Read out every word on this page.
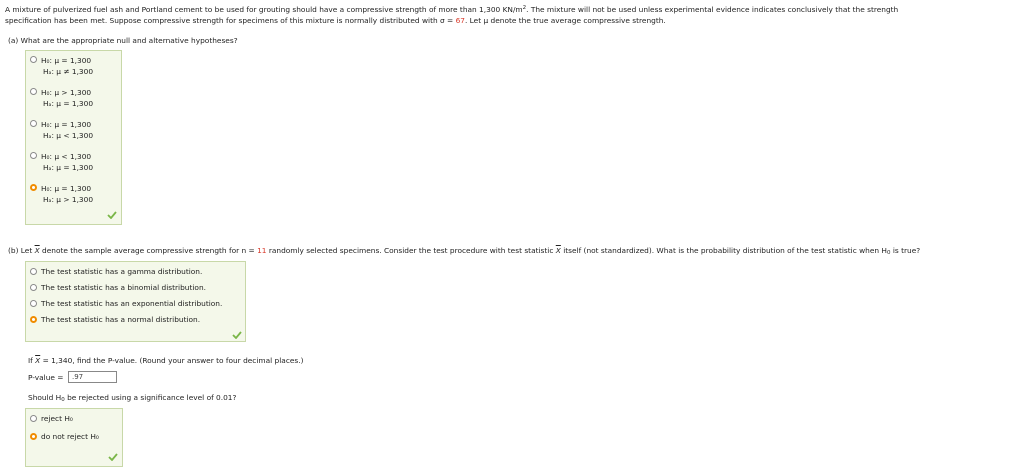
A mixture of pulverized fuel ash and Portland cement to be used for grouting should have a compressive strength of more than 1,300 $KN/m^2$. The mixture will not be used unless experimental evidence indicates conclusively that the strength
specification has been met. Suppose compressive strength for specimens of this mixture is normally distributed with σ = 67. Let μ denote the true average compressive strength.
(a) What are the appropriate null and alternative hypotheses?
H₀: μ = 1,300
Hₐ: μ ≠ 1,300
H₀: μ > 1,300
Hₐ: μ = 1,300
H₀: μ = 1,300
Hₐ: μ < 1,300
H₀: μ < 1,300
Hₐ: μ = 1,300
H₀: μ = 1,300
Hₐ: μ > 1,300
(b) Let $\overline{X}$ denote the sample average compressive strength for n = 11 randomly selected specimens. Consider the test procedure with test statistic $\overline{X}$ itself (not standardized). What is the probability distribution of the test statistic when $H_0$ is true?
The test statistic has a gamma distribution.
The test statistic has a binomial distribution.
The test statistic has an exponential distribution.
The test statistic has a normal distribution.
If $\overline{X} = 1,340$, find the P-value. (Round your answer to four decimal places.)
P-value =	.97
Should $H_0$ be rejected using a significance level of 0.01?
reject H₀
do not reject H₀
